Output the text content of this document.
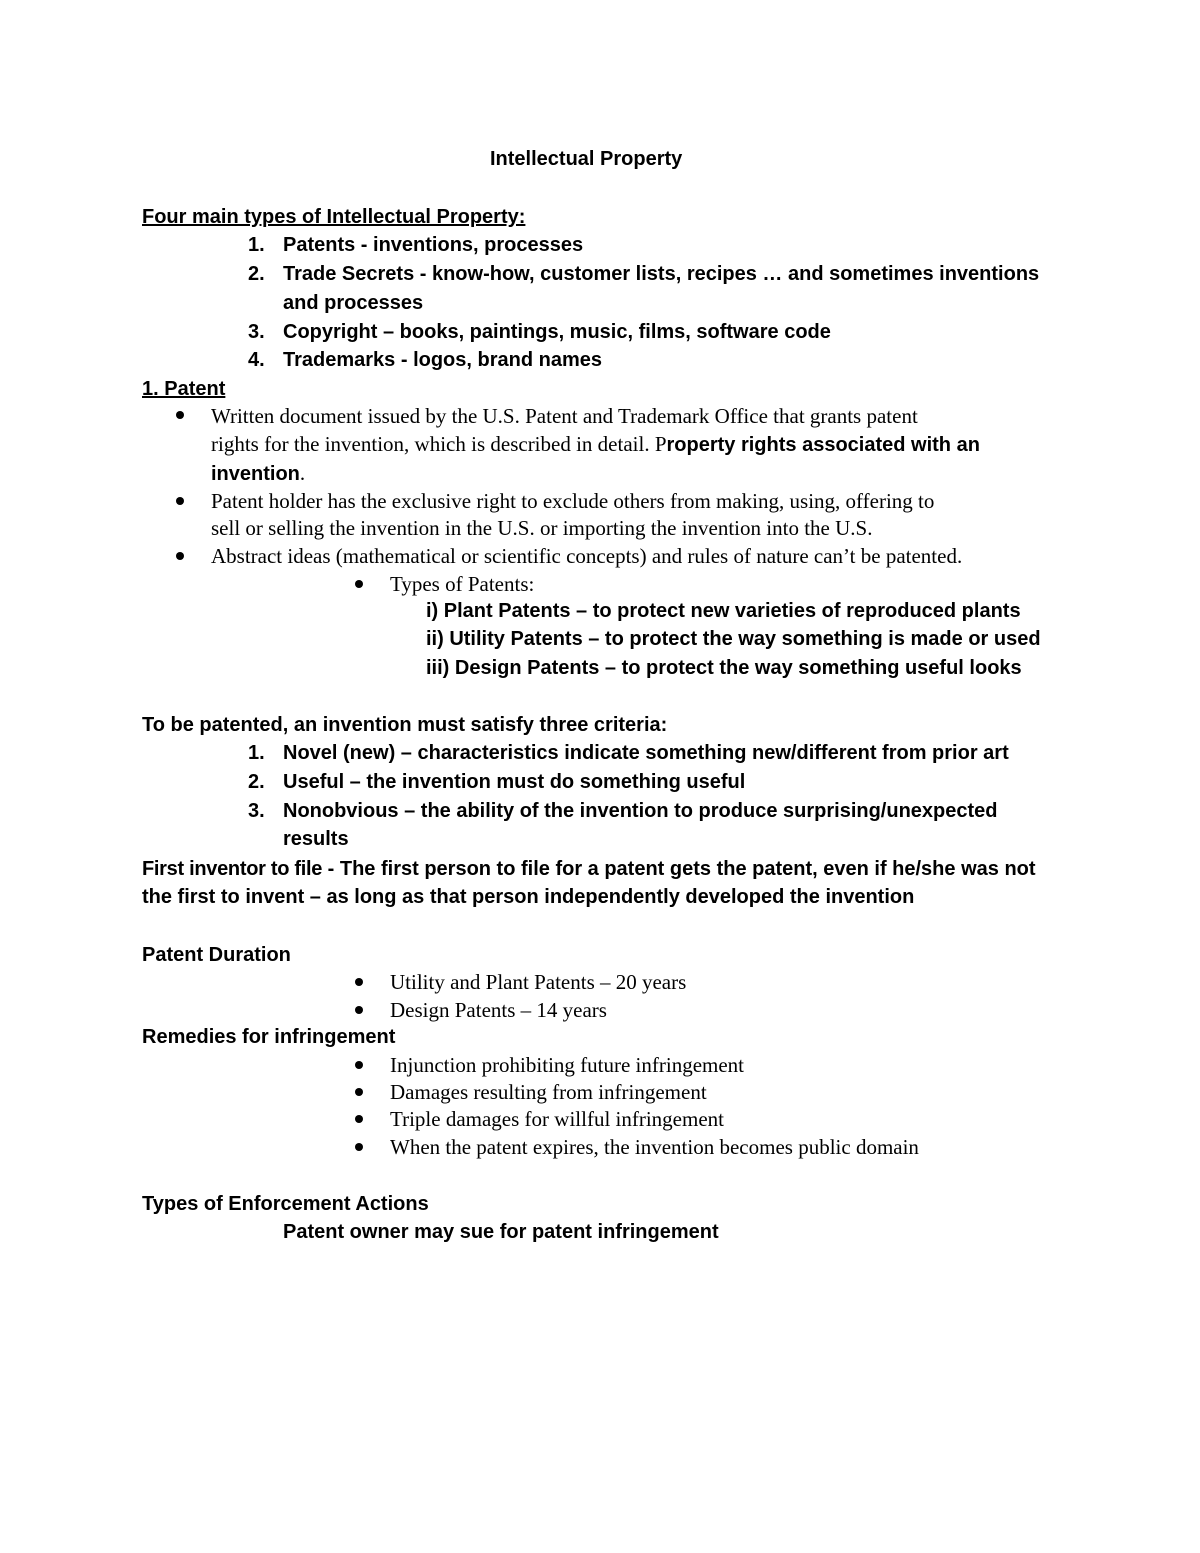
Intellectual Property
Four main types of Intellectual Property:
1. Patents - inventions, processes
2. Trade Secrets - know-how, customer lists, recipes … and sometimes inventions
and processes
3. Copyright – books, paintings, music, films, software code
4. Trademarks - logos, brand names
1. Patent
Written document issued by the U.S. Patent and Trademark Office that grants patent
rights for the invention, which is described in detail. Property rights associated with an
invention.
Patent holder has the exclusive right to exclude others from making, using, offering to
sell or selling the invention in the U.S. or importing the invention into the U.S.
Abstract ideas (mathematical or scientific concepts) and rules of nature can’t be patented.
Types of Patents:
i) Plant Patents – to protect new varieties of reproduced plants
ii) Utility Patents – to protect the way something is made or used
iii) Design Patents – to protect the way something useful looks
To be patented, an invention must satisfy three criteria:
1. Novel (new) – characteristics indicate something new/different from prior art
2. Useful – the invention must do something useful
3. Nonobvious – the ability of the invention to produce surprising/unexpected
results
First inventor to file - The first person to file for a patent gets the patent, even if he/she was not
the first to invent – as long as that person independently developed the invention
Patent Duration
Utility and Plant Patents – 20 years
Design Patents – 14 years
Remedies for infringement
Injunction prohibiting future infringement
Damages resulting from infringement
Triple damages for willful infringement
When the patent expires, the invention becomes public domain
Types of Enforcement Actions
Patent owner may sue for patent infringement
